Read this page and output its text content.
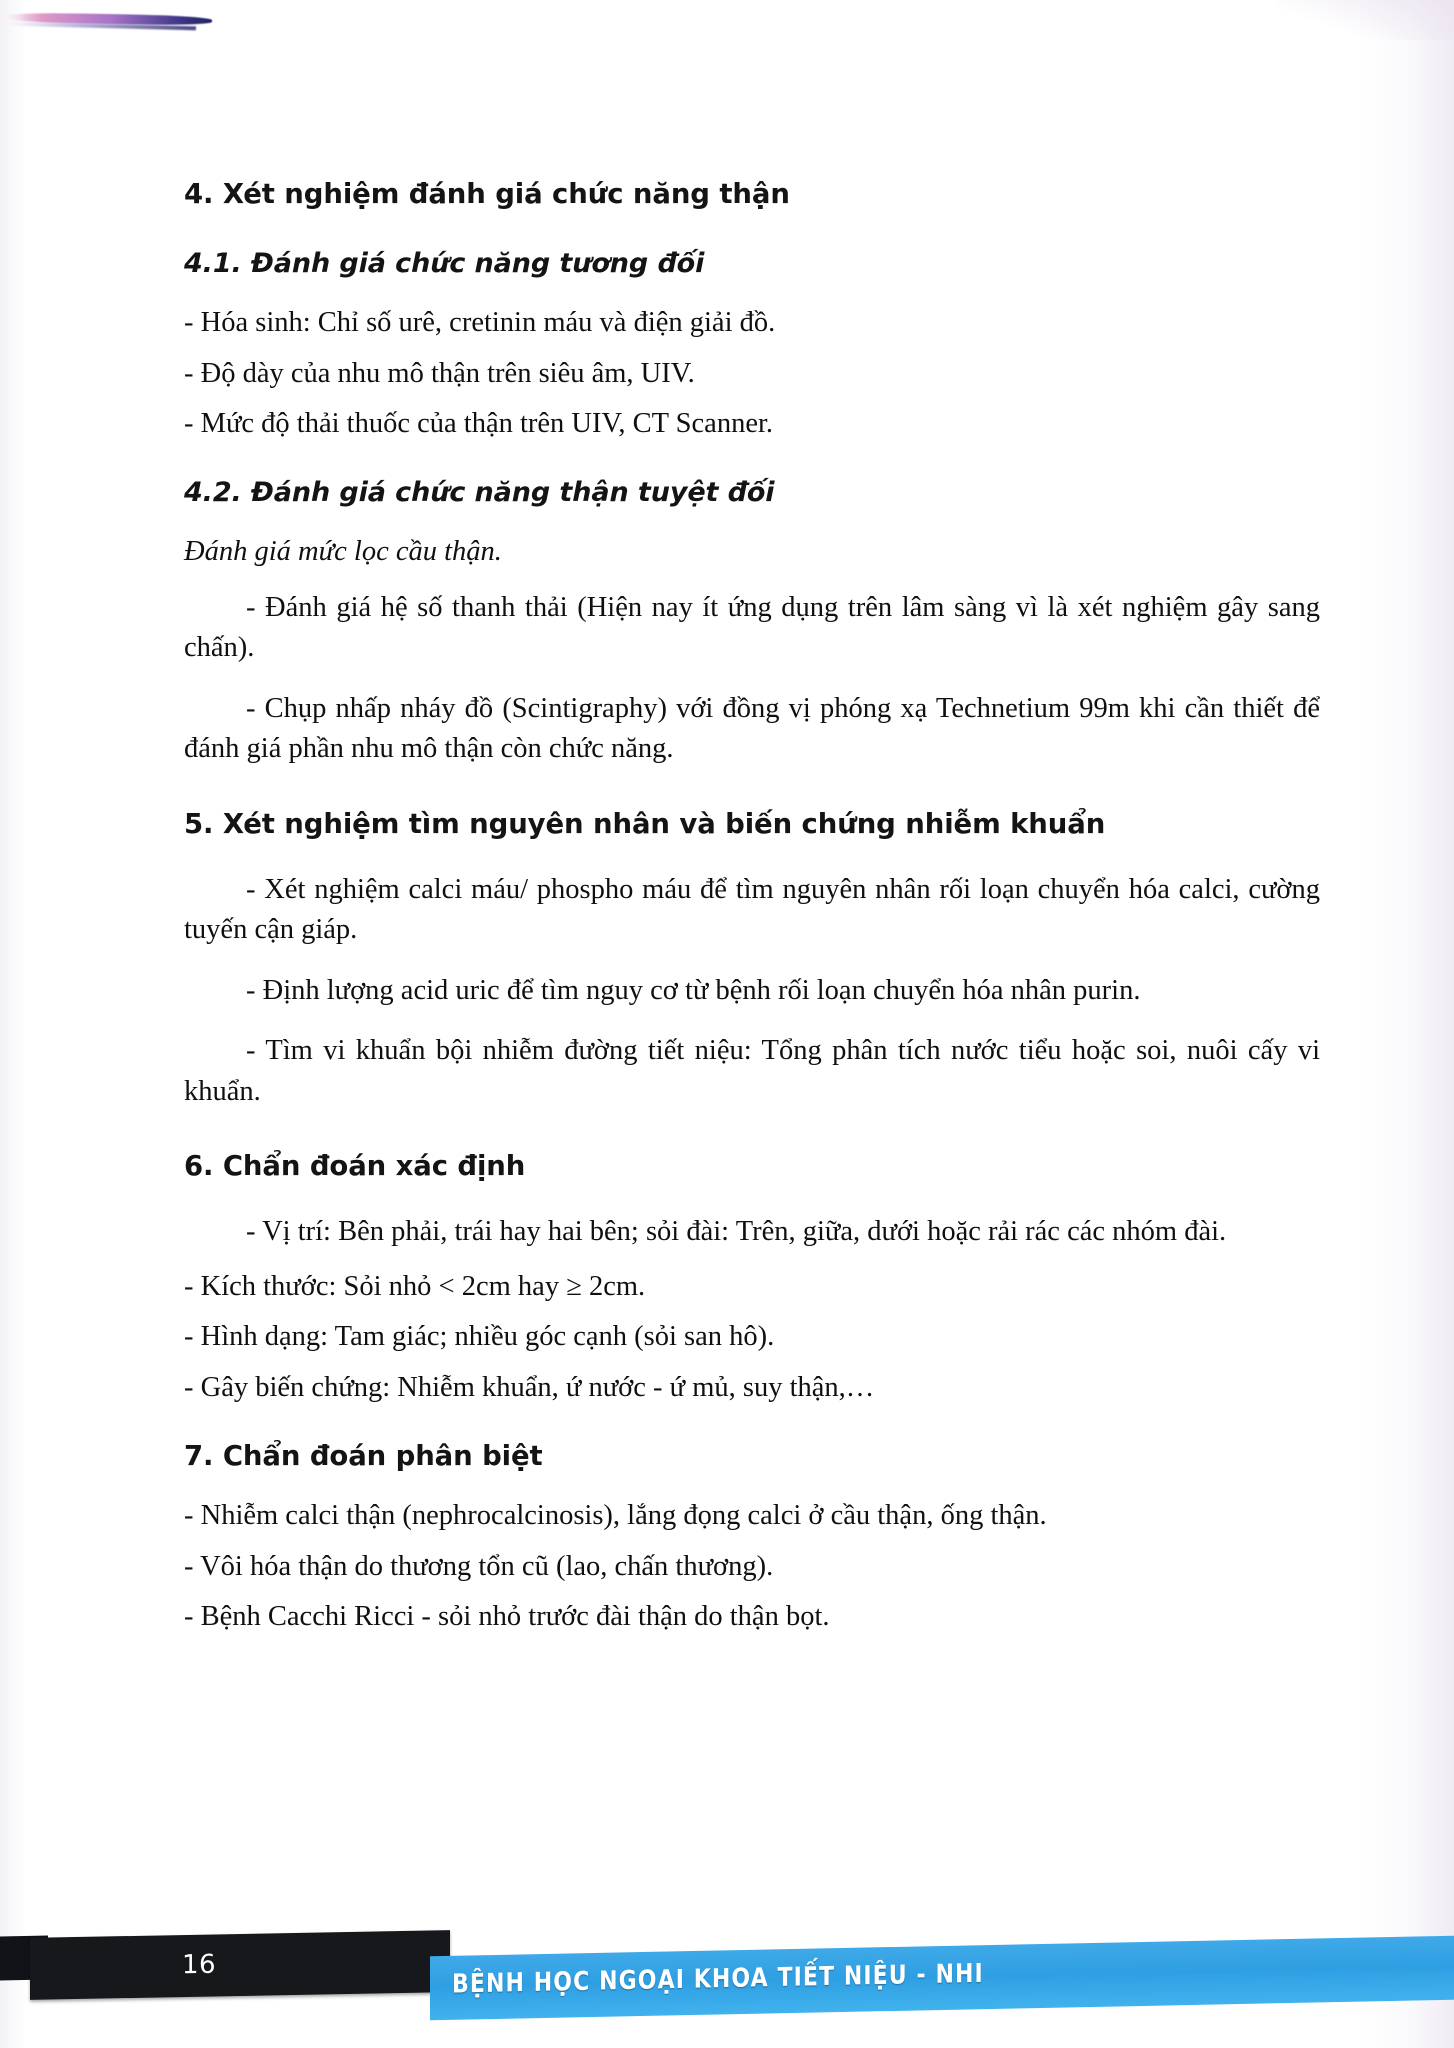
4. Xét nghiệm đánh giá chức năng thận
4.1. Đánh giá chức năng tương đối

- Hóa sinh: Chỉ số urê, cretinin máu và điện giải đồ.

- Độ dày của nhu mô thận trên siêu âm, UIV.

- Mức độ thải thuốc của thận trên UIV, CT Scanner.

4.2. Đánh giá chức năng thận tuyệt đối

Đánh giá mức lọc cầu thận.

- Đánh giá hệ số thanh thải (Hiện nay ít ứng dụng trên lâm sàng vì là xét nghiệm gây sang chấn).

- Chụp nhấp nháy đồ (Scintigraphy) với đồng vị phóng xạ Technetium 99m khi cần thiết để đánh giá phần nhu mô thận còn chức năng.

5. Xét nghiệm tìm nguyên nhân và biến chứng nhiễm khuẩn

- Xét nghiệm calci máu/ phospho máu để tìm nguyên nhân rối loạn chuyển hóa calci, cường tuyến cận giáp.

- Định lượng acid uric để tìm nguy cơ từ bệnh rối loạn chuyển hóa nhân purin.

- Tìm vi khuẩn bội nhiễm đường tiết niệu: Tổng phân tích nước tiểu hoặc soi, nuôi cấy vi khuẩn.

6. Chẩn đoán xác định

- Vị trí: Bên phải, trái hay hai bên; sỏi đài: Trên, giữa, dưới hoặc rải rác các nhóm đài.

- Kích thước: Sỏi nhỏ < 2cm hay ≥ 2cm.

- Hình dạng: Tam giác; nhiều góc cạnh (sỏi san hô).

- Gây biến chứng: Nhiễm khuẩn, ứ nước - ứ mủ, suy thận,…

7. Chẩn đoán phân biệt

- Nhiễm calci thận (nephrocalcinosis), lắng đọng calci ở cầu thận, ống thận.

- Vôi hóa thận do thương tổn cũ (lao, chấn thương).

- Bệnh Cacchi Ricci - sỏi nhỏ trước đài thận do thận bọt.

16	BỆNH HỌC NGOẠI KHOA TIẾT NIỆU - NHI
